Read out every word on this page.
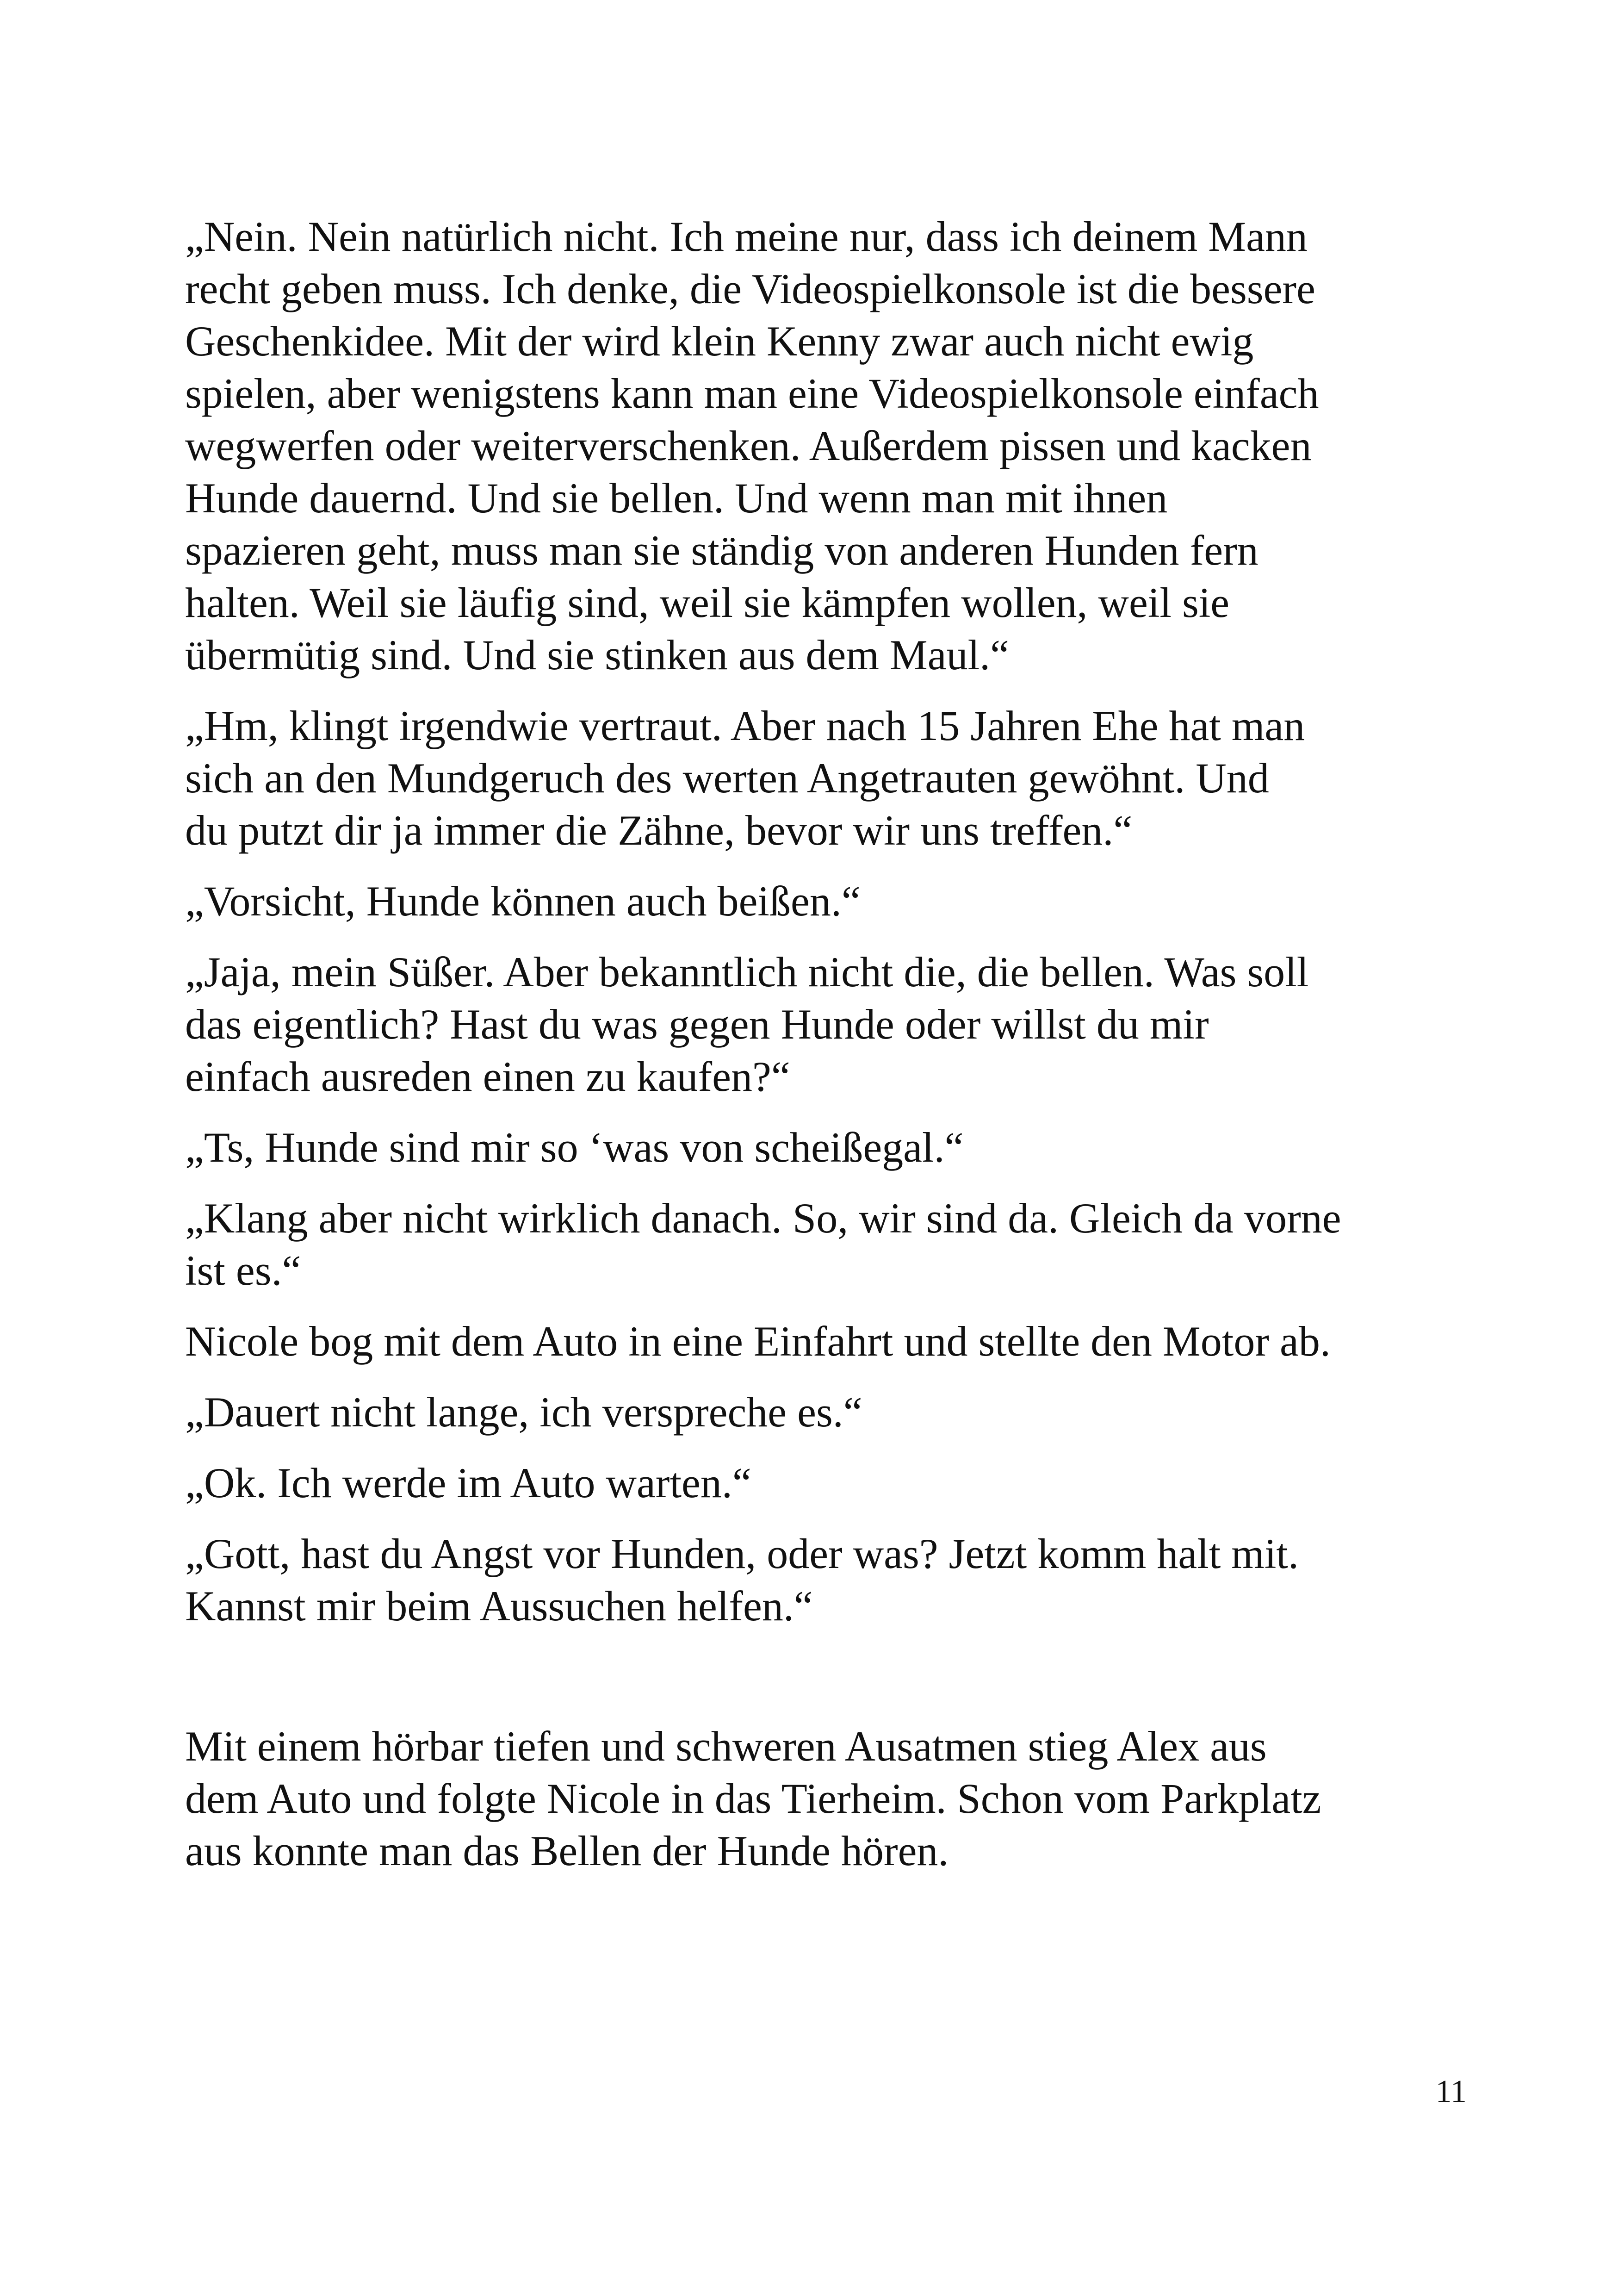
„Nein. Nein natürlich nicht. Ich meine nur, dass ich deinem Mann
recht geben muss. Ich denke, die Videospielkonsole ist die bessere
Geschenkidee. Mit der wird klein Kenny zwar auch nicht ewig
spielen, aber wenigstens kann man eine Videospielkonsole einfach
wegwerfen oder weiterverschenken. Außerdem pissen und kacken
Hunde dauernd. Und sie bellen. Und wenn man mit ihnen
spazieren geht, muss man sie ständig von anderen Hunden fern
halten. Weil sie läufig sind, weil sie kämpfen wollen, weil sie
übermütig sind. Und sie stinken aus dem Maul.“

„Hm, klingt irgendwie vertraut. Aber nach 15 Jahren Ehe hat man
sich an den Mundgeruch des werten Angetrauten gewöhnt. Und
du putzt dir ja immer die Zähne, bevor wir uns treffen.“

„Vorsicht, Hunde können auch beißen.“

„Jaja, mein Süßer. Aber bekanntlich nicht die, die bellen. Was soll
das eigentlich? Hast du was gegen Hunde oder willst du mir
einfach ausreden einen zu kaufen?“

„Ts, Hunde sind mir so ‘was von scheißegal.“

„Klang aber nicht wirklich danach. So, wir sind da. Gleich da vorne
ist es.“

Nicole bog mit dem Auto in eine Einfahrt und stellte den Motor ab.

„Dauert nicht lange, ich verspreche es.“

„Ok. Ich werde im Auto warten.“

„Gott, hast du Angst vor Hunden, oder was? Jetzt komm halt mit.
Kannst mir beim Aussuchen helfen.“

Mit einem hörbar tiefen und schweren Ausatmen stieg Alex aus
dem Auto und folgte Nicole in das Tierheim. Schon vom Parkplatz
aus konnte man das Bellen der Hunde hören.

11
